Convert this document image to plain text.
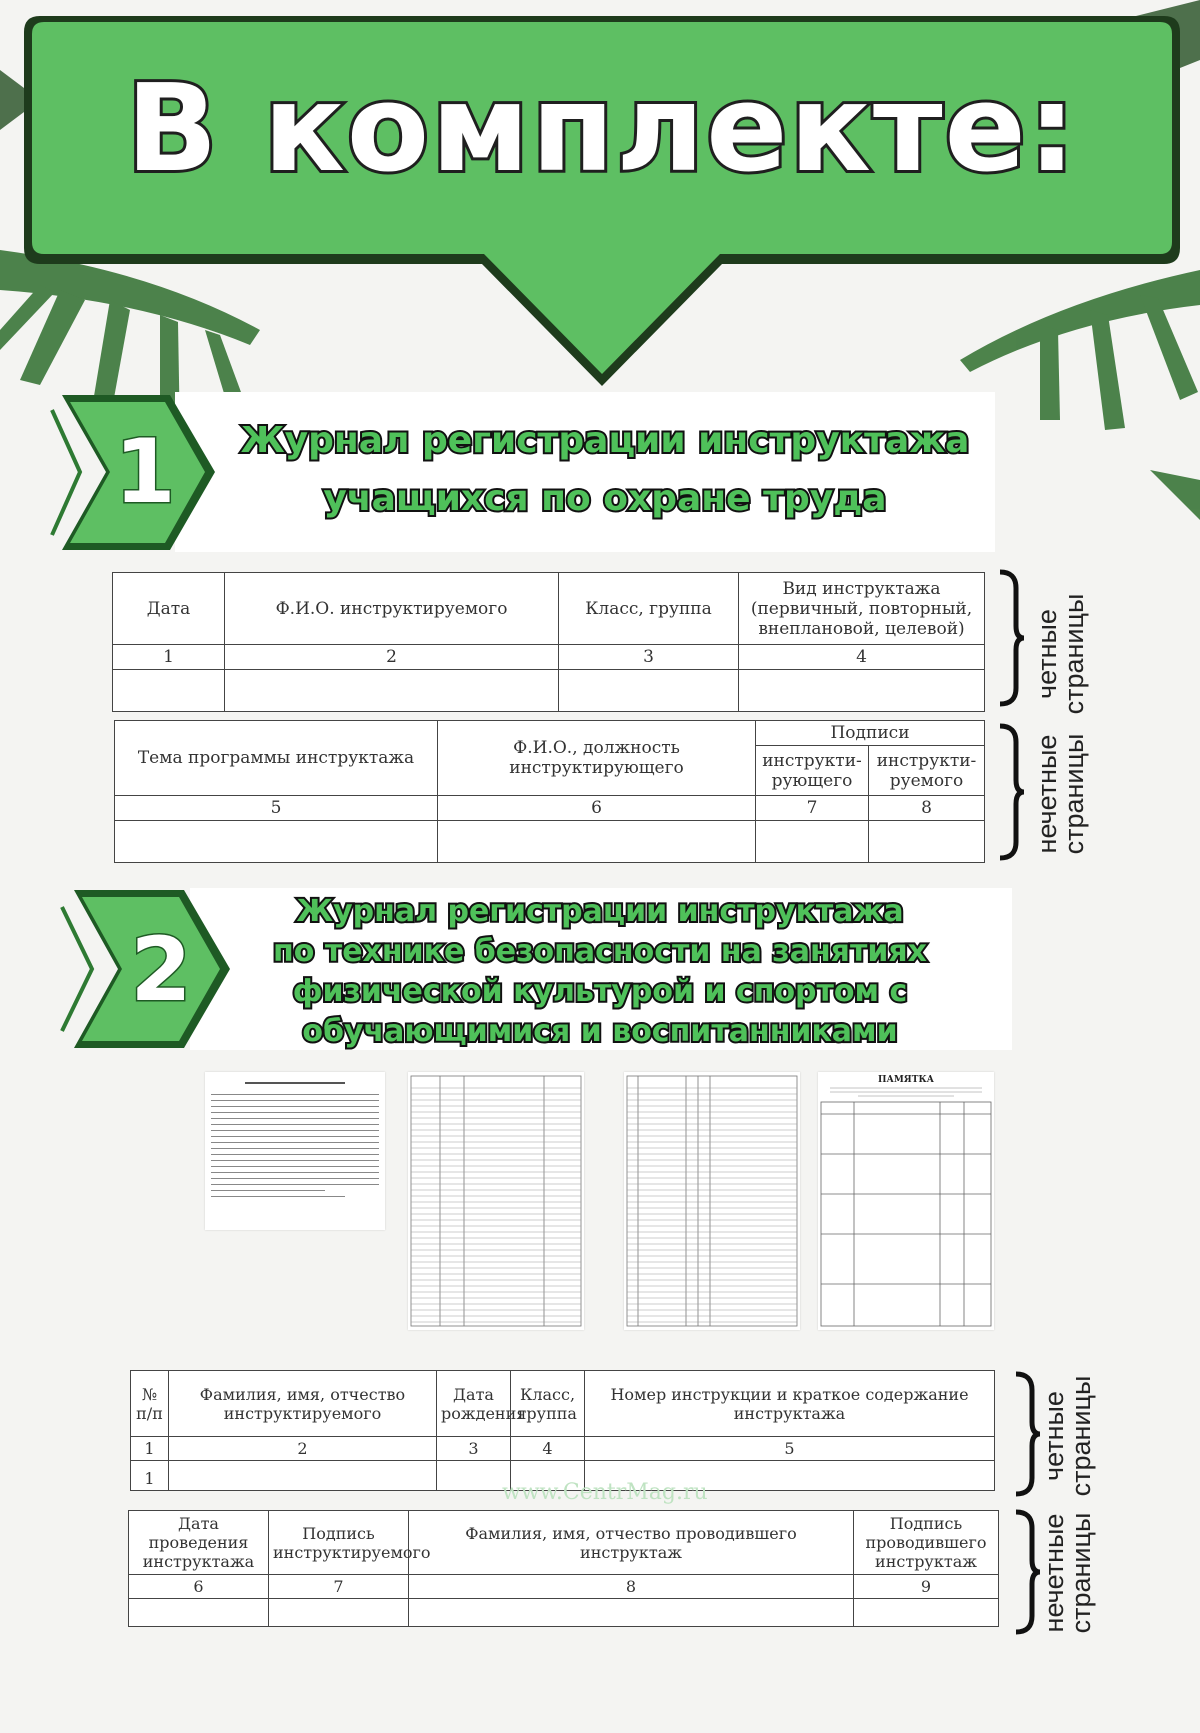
В комплекте:
1	Журнал регистрации инструктажа
учащихся по охране труда
Дата	Ф.И.О. инструктируемого	Класс, группа	Вид инструктажа (первичный, повторный, внеплановой, целевой)
1	2	3	4
				четные страницы
Тема программы инструктажа	Ф.И.О., должность инструктирующего	Подписи	
		инструкти-рующего	инструкти-руемого
5	6	7	8
				нечетные страницы
2
Журнал регистрации инструктажа
по технике безопасности на занятиях
физической культурой и спортом с
обучающимися и воспитанниками
ПАМЯТКА
№ п/п	Фамилия, имя, отчество инструктируемого	Дата рождения	Класс, группа	Номер инструкции и краткое содержание инструктажа
1	2	3	4	5
1					четные страницы
www.CentrMag.ru
Дата проведения инструктажа	Подпись инструктируемого	Фамилия, имя, отчество проводившего инструктаж	Подпись проводившего инструктаж
6	7	8	9
				нечетные страницы
